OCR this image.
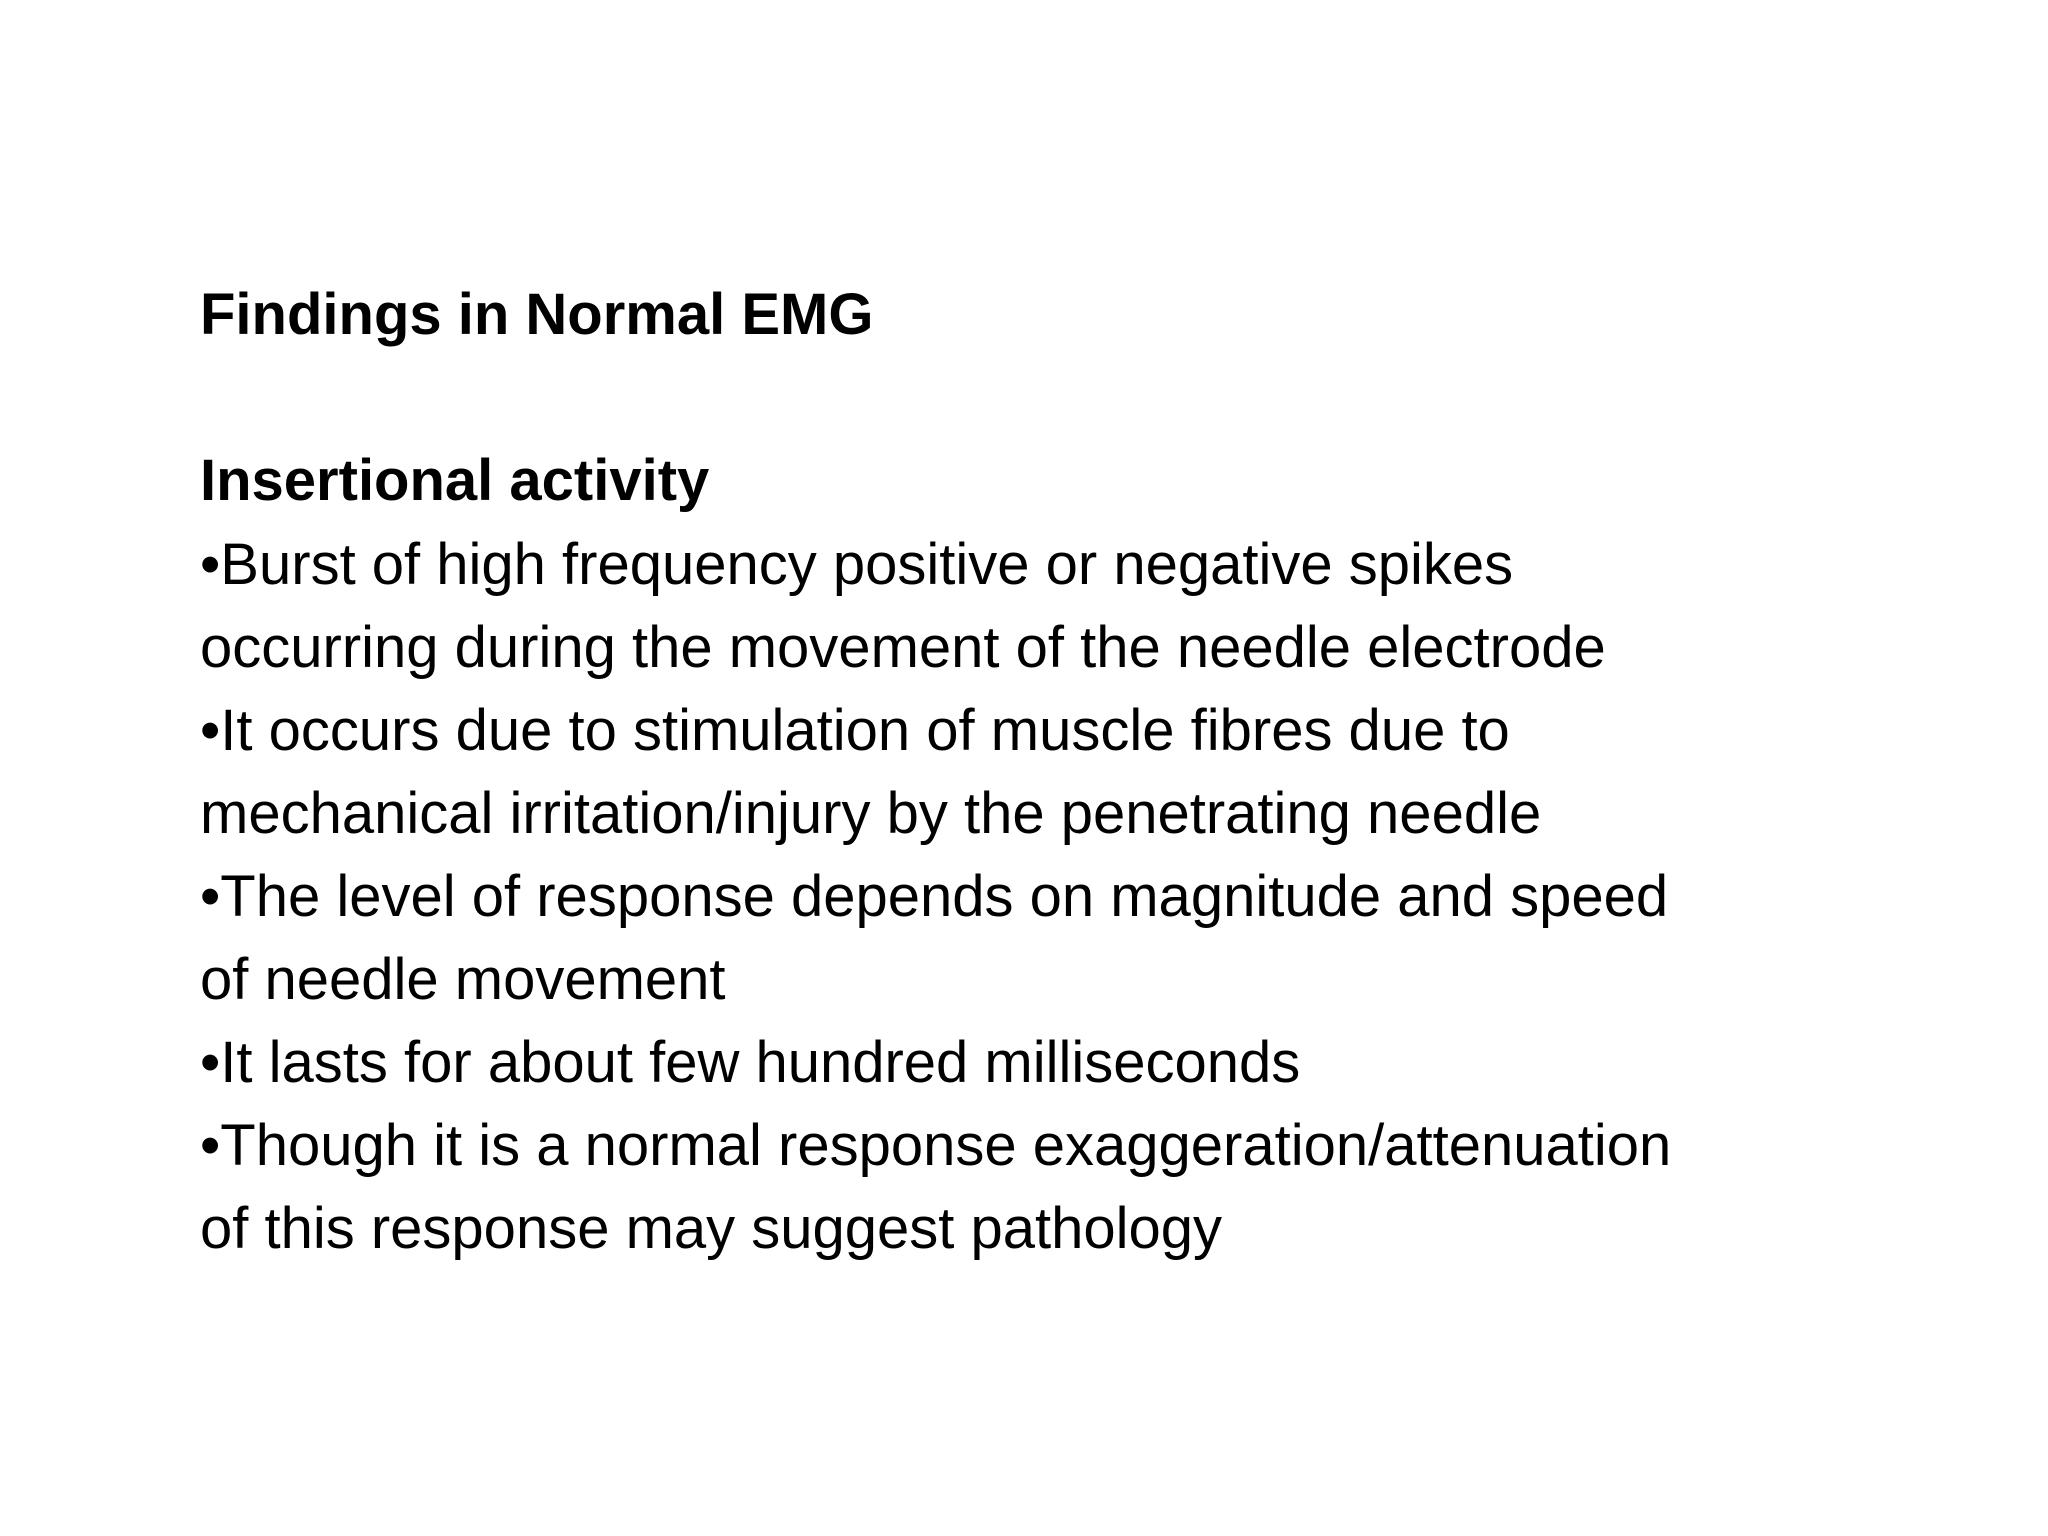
Findings in Normal EMG
Insertional activity
•Burst of high frequency positive or negative spikes
occurring during the movement of the needle electrode
•It occurs due to stimulation of muscle fibres due to
mechanical irritation/injury by the penetrating needle
•The level of response depends on magnitude and speed
of needle movement
•It lasts for about few hundred milliseconds
•Though it is a normal response exaggeration/attenuation
of this response may suggest pathology
